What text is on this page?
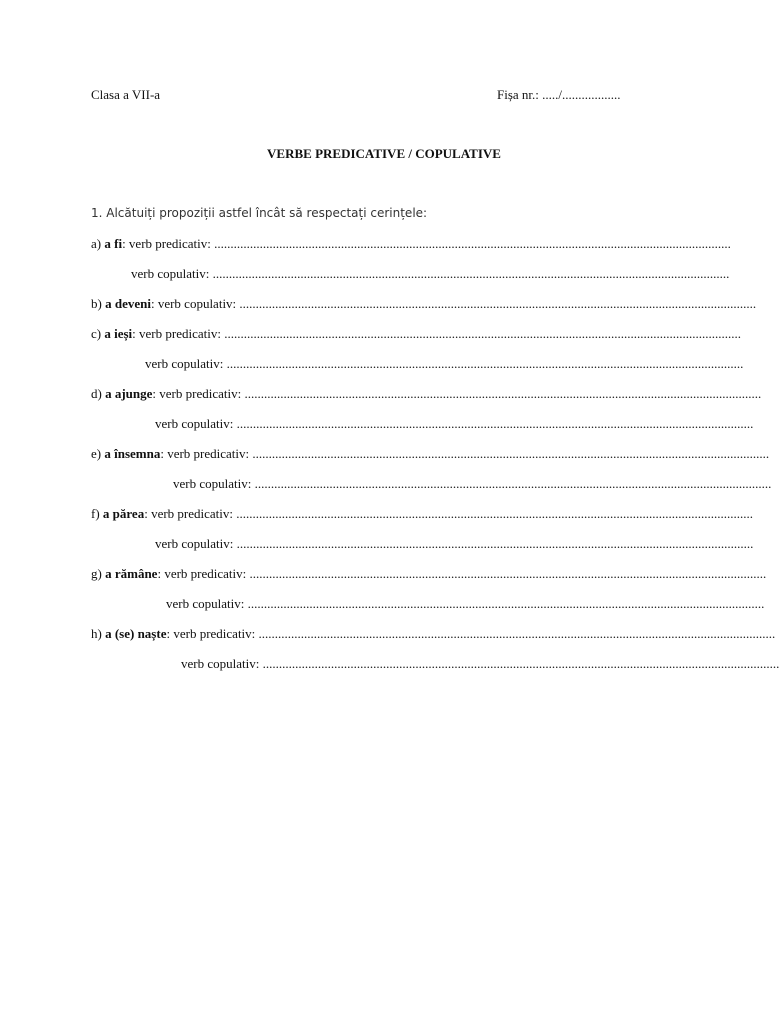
Clasa a VII-a	Fișa nr.: ...../..................
VERBE PREDICATIVE / COPULATIVE
1. Alcătuiți propoziții astfel încât să respectați cerințele:
a) a fi: verb predicativ: ...............................................................................................................................................................
verb copulativ: ...............................................................................................................................................................
b) a deveni: verb copulativ: ...............................................................................................................................................................
c) a ieși: verb predicativ: ...............................................................................................................................................................
verb copulativ: ...............................................................................................................................................................
d) a ajunge: verb predicativ: ...............................................................................................................................................................
verb copulativ: ...............................................................................................................................................................
e) a însemna: verb predicativ: ...............................................................................................................................................................
verb copulativ: ...............................................................................................................................................................
f) a părea: verb predicativ: ...............................................................................................................................................................
verb copulativ: ...............................................................................................................................................................
g) a rămâne: verb predicativ: ...............................................................................................................................................................
verb copulativ: ...............................................................................................................................................................
h) a (se) naște: verb predicativ: ...............................................................................................................................................................
verb copulativ: ...............................................................................................................................................................
